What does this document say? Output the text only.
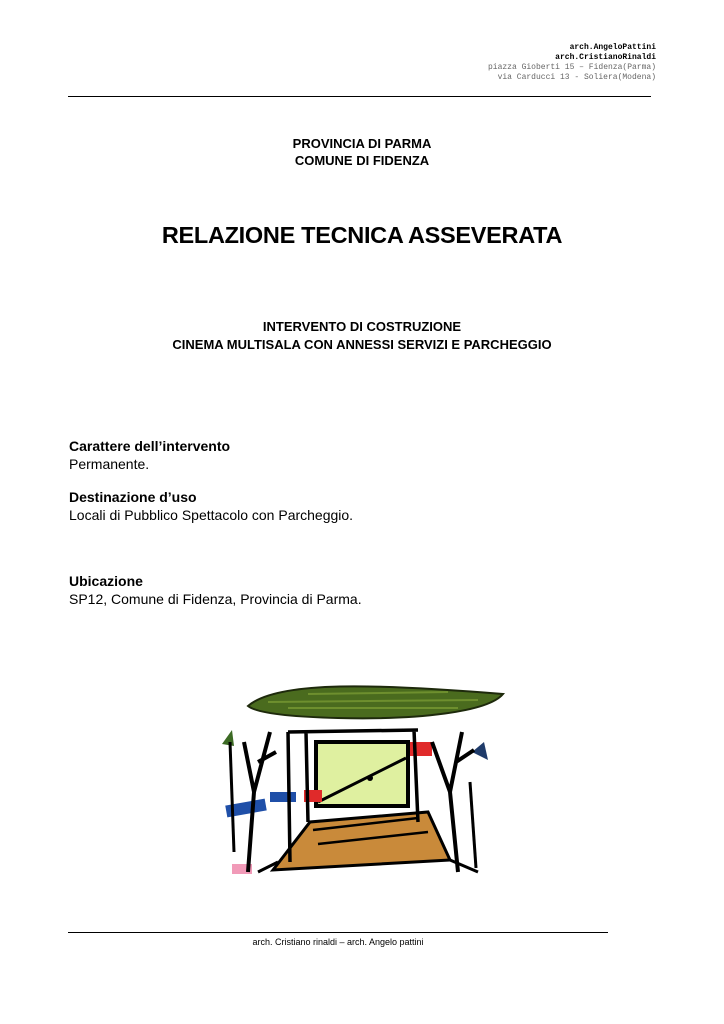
arch.AngeloPattini
arch.CristianoRinaldi
piazza Gioberti 15 – Fidenza(Parma)
via Carducci 13 - Soliera(Modena)
PROVINCIA DI PARMA
COMUNE DI FIDENZA
RELAZIONE TECNICA ASSEVERATA
INTERVENTO DI COSTRUZIONE
CINEMA MULTISALA CON ANNESSI SERVIZI E PARCHEGGIO
Carattere dell’intervento
Permanente.
Destinazione d’uso
Locali di Pubblico Spettacolo con Parcheggio.
Ubicazione
SP12, Comune di Fidenza, Provincia di Parma.
arch. Cristiano rinaldi – arch. Angelo pattini
